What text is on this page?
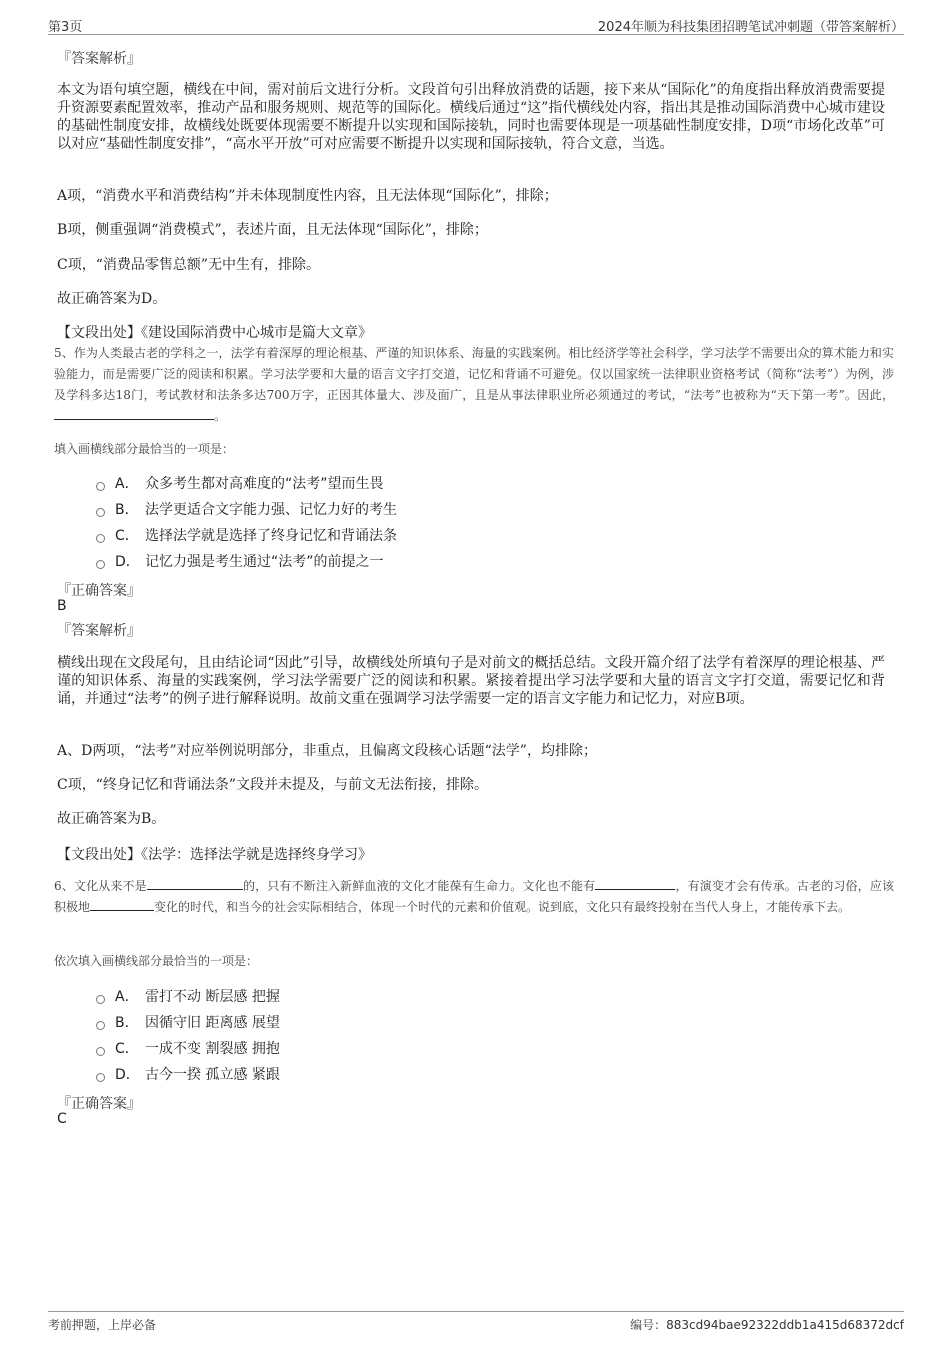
第3页	2024年顺为科技集团招聘笔试冲刺题（带答案解析）
『答案解析』
本文为语句填空题，横线在中间，需对前后文进行分析。文段首句引出释放消费的话题，接下来从“国际化”的角度指出释放消费需要提升资源要素配置效率，推动产品和服务规则、规范等的国际化。横线后通过“这”指代横线处内容，指出其是推动国际消费中心城市建设的基础性制度安排，故横线处既要体现需要不断提升以实现和国际接轨，同时也需要体现是一项基础性制度安排，D项“市场化改革”可以对应“基础性制度安排”，“高水平开放”可对应需要不断提升以实现和国际接轨，符合文意，当选。
A项，“消费水平和消费结构”并未体现制度性内容，且无法体现“国际化”，排除；
B项，侧重强调“消费模式”，表述片面，且无法体现“国际化”，排除；
C项，“消费品零售总额”无中生有，排除。
故正确答案为D。
【文段出处】《建设国际消费中心城市是篇大文章》
5、作为人类最古老的学科之一，法学有着深厚的理论根基、严谨的知识体系、海量的实践案例。相比经济学等社会科学，学习法学不需要出众的算术能力和实验能力，而是需要广泛的阅读和积累。学习法学要和大量的语言文字打交道，记忆和背诵不可避免。仅以国家统一法律职业资格考试（简称“法考”）为例，涉及学科多达18门，考试教材和法条多达700万字，正因其体量大、涉及面广，且是从事法律职业所必须通过的考试，“法考”也被称为“天下第一考”。因此，。
填入画横线部分最恰当的一项是：
A． 众多考生都对高难度的“法考”望而生畏
B． 法学更适合文字能力强、记忆力好的考生
C． 选择法学就是选择了终身记忆和背诵法条
D． 记忆力强是考生通过“法考”的前提之一
『正确答案』
B
『答案解析』
横线出现在文段尾句，且由结论词“因此”引导，故横线处所填句子是对前文的概括总结。文段开篇介绍了法学有着深厚的理论根基、严谨的知识体系、海量的实践案例，学习法学需要广泛的阅读和积累。紧接着提出学习法学要和大量的语言文字打交道，需要记忆和背诵，并通过“法考”的例子进行解释说明。故前文重在强调学习法学需要一定的语言文字能力和记忆力，对应B项。
A、D两项，“法考”对应举例说明部分，非重点，且偏离文段核心话题“法学”，均排除；
C项，“终身记忆和背诵法条”文段并未提及，与前文无法衔接，排除。
故正确答案为B。
【文段出处】《法学：选择法学就是选择终身学习》
6、文化从来不是	的，只有不断注入新鲜血液的文化才能葆有生命力。文化也不能有	，有演变才会有传承。古老的习俗，应该积极地	变化的时代，和当今的社会实际相结合，体现一个时代的元素和价值观。说到底，文化只有最终投射在当代人身上，才能传承下去。
依次填入画横线部分最恰当的一项是：
A． 雷打不动 断层感 把握
B． 因循守旧 距离感 展望
C． 一成不变 割裂感 拥抱
D． 古今一揆 孤立感 紧跟
『正确答案』
C
考前押题，上岸必备	编号：883cd94bae92322ddb1a415d68372dcf
